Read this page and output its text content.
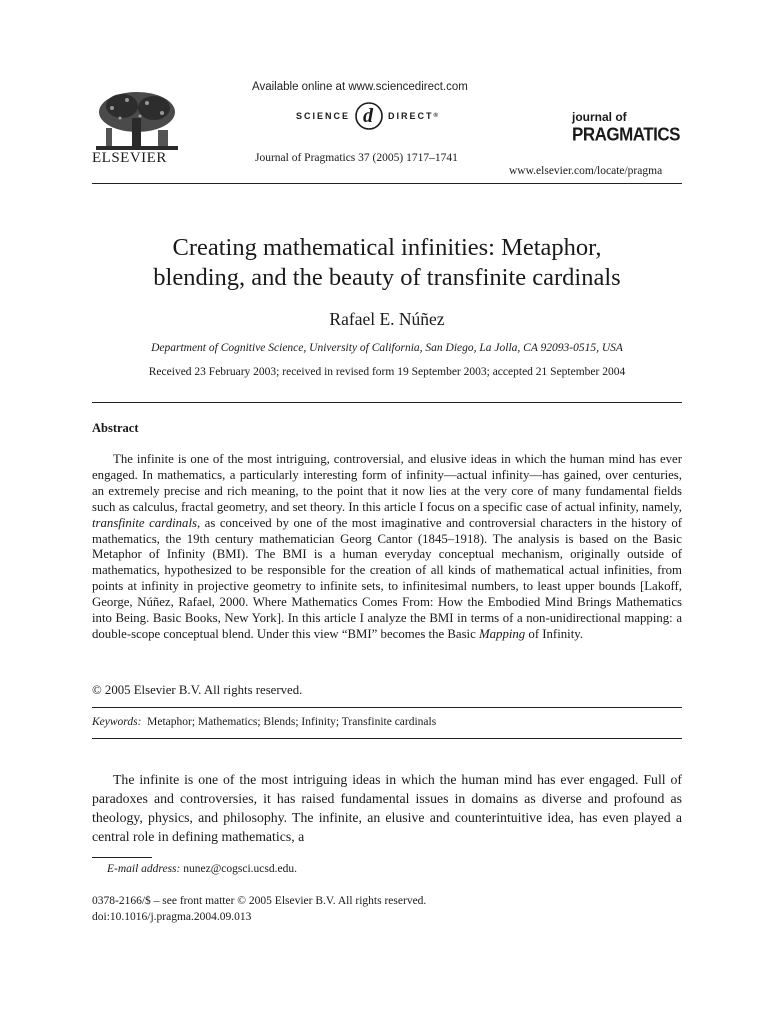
ELSEVIER
Available online at www.sciencedirect.com
SCIENCE d DIRECT ®
Journal of Pragmatics 37 (2005) 1717–1741
journal of
PRAGMATICS
www.elsevier.com/locate/pragma
Creating mathematical infinities: Metaphor,
blending, and the beauty of transfinite cardinals
Rafael E. Núñez
Department of Cognitive Science, University of California, San Diego, La Jolla, CA 92093-0515, USA
Received 23 February 2003; received in revised form 19 September 2003; accepted 21 September 2004
Abstract

The infinite is one of the most intriguing, controversial, and elusive ideas in which the human mind has ever engaged. In mathematics, a particularly interesting form of infinity—actual infinity—has gained, over centuries, an extremely precise and rich meaning, to the point that it now lies at the very core of many fundamental fields such as calculus, fractal geometry, and set theory. In this article I focus on a specific case of actual infinity, namely, transfinite cardinals, as conceived by one of the most imaginative and controversial characters in the history of mathematics, the 19th century mathematician Georg Cantor (1845–1918). The analysis is based on the Basic Metaphor of Infinity (BMI). The BMI is a human everyday conceptual mechanism, originally outside of mathematics, hypothesized to be responsible for the creation of all kinds of mathematical actual infinities, from points at infinity in projective geometry to infinite sets, to infinitesimal numbers, to least upper bounds [Lakoff, George, Núñez, Rafael, 2000. Where Mathematics Comes From: How the Embodied Mind Brings Mathematics into Being. Basic Books, New York]. In this article I analyze the BMI in terms of a non-unidirectional mapping: a double-scope conceptual blend. Under this view “BMI” becomes the Basic Mapping of Infinity.

© 2005 Elsevier B.V. All rights reserved.
Keywords: Metaphor; Mathematics; Blends; Infinity; Transfinite cardinals

The infinite is one of the most intriguing ideas in which the human mind has ever engaged. Full of paradoxes and controversies, it has raised fundamental issues in domains as diverse and profound as theology, physics, and philosophy. The infinite, an elusive and counterintuitive idea, has even played a central role in defining mathematics, a

E-mail address: nunez@cogsci.ucsd.edu.
0378-2166/$ – see front matter © 2005 Elsevier B.V. All rights reserved.
doi:10.1016/j.pragma.2004.09.013
